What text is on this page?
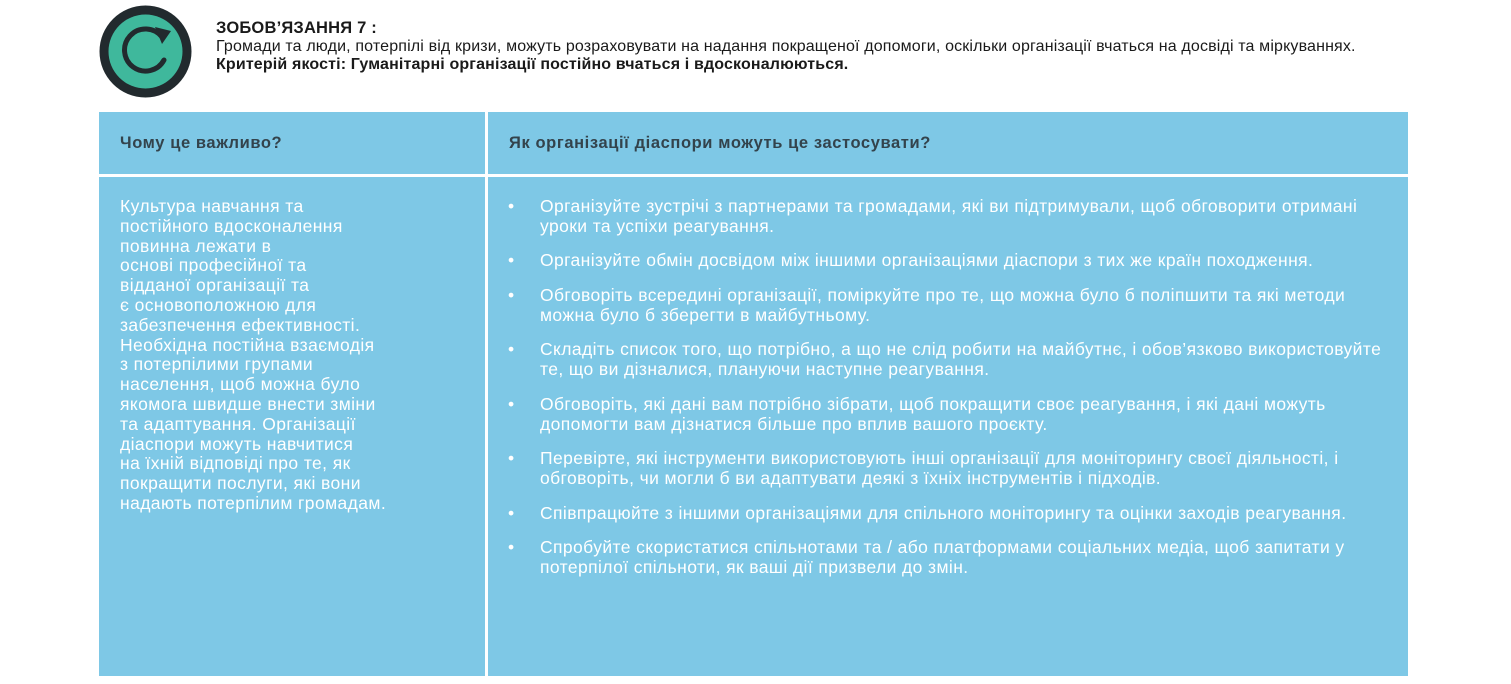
ЗОБОВ’ЯЗАННЯ 7 :
Громади та люди, потерпілі від кризи, можуть розраховувати на надання покращеної допомоги, оскільки організації вчаться на досвіді та міркуваннях. Критерій якості: Гуманітарні організації постійно вчаться і вдосконалюються.
Чому це важливо?	Як організації діаспори можуть це застосувати?
Культура навчання та
постійного вдосконалення
повинна лежати в
основі професійної та
відданої організації та
є основоположною для
забезпечення ефективності.
Необхідна постійна взаємодія
з потерпілими групами
населення, щоб можна було
якомога швидше внести зміни
та адаптування. Організації
діаспори можуть навчитися
на їхній відповіді про те, як
покращити послуги, які вони
надають потерпілим громадам.
• Організуйте зустрічі з партнерами та громадами, які ви підтримували, щоб обговорити отримані уроки та успіхи реагування.
• Організуйте обмін досвідом між іншими організаціями діаспори з тих же країн походження.
• Обговоріть всередині організації, поміркуйте про те, що можна було б поліпшити та які методи можна було б зберегти в майбутньому.
• Складіть список того, що потрібно, а що не слід робити на майбутнє, і обов’язково використовуйте те, що ви дізналися, плануючи наступне реагування.
• Обговоріть, які дані вам потрібно зібрати, щоб покращити своє реагування, і які дані можуть допомогти вам дізнатися більше про вплив вашого проєкту.
• Перевірте, які інструменти використовують інші організації для моніторингу своєї діяльності, і обговоріть, чи могли б ви адаптувати деякі з їхніх інструментів і підходів.
• Співпрацюйте з іншими організаціями для спільного моніторингу та оцінки заходів реагування.
• Спробуйте скористатися спільнотами та / або платформами соціальних медіа, щоб запитати у потерпілої спільноти, як ваші дії призвели до змін.
